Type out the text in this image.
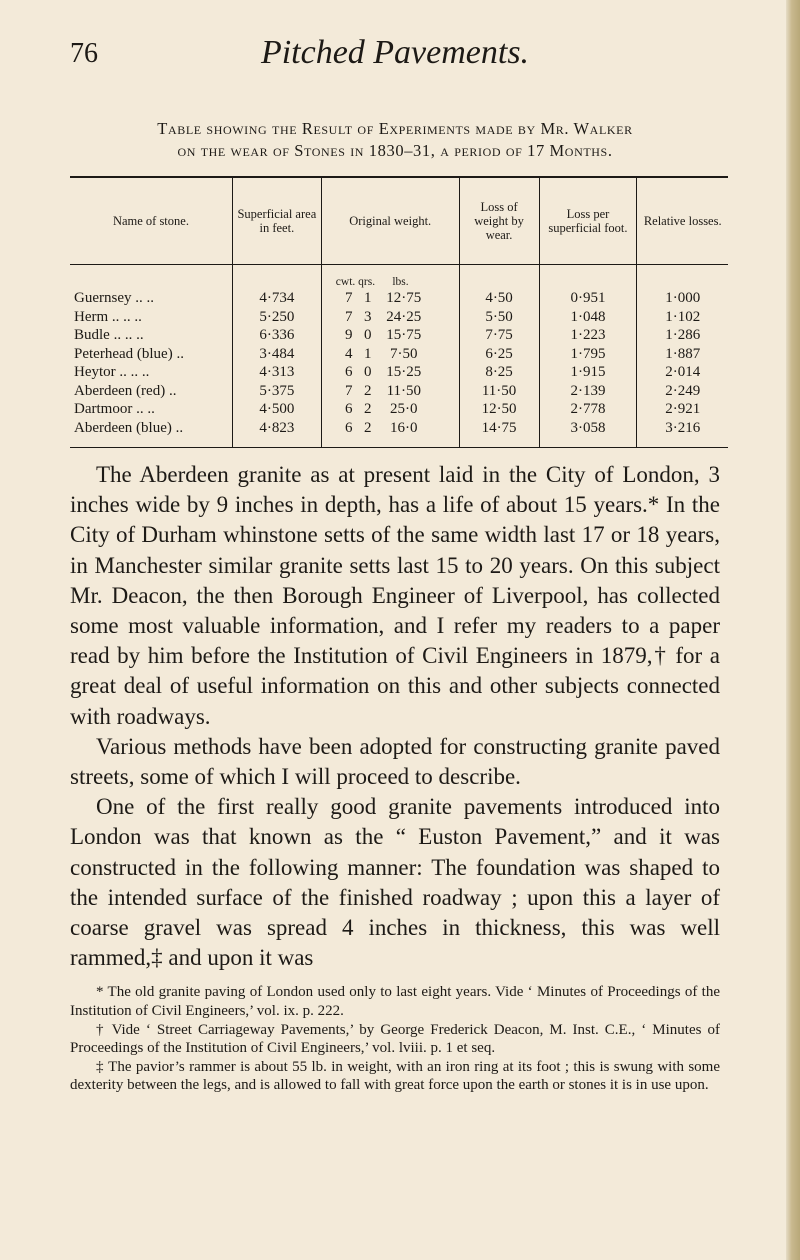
76	Pitched Pavements.
Table showing the Result of Experiments made by Mr. Walker
on the wear of Stones in 1830–31, a period of 17 Months.
Name of stone.	Superficial area in feet.	Original weight.	Loss of weight by wear.	Loss per superficial foot.	Relative losses.
		cwt. qrs. lbs.			
Guernsey .. ..	4·734	7 1 12·75	4·50	0·951	1·000
Herm .. .. ..	5·250	7 3 24·25	5·50	1·048	1·102
Budle .. .. ..	6·336	9 0 15·75	7·75	1·223	1·286
Peterhead (blue) ..	3·484	4 1 7·50	6·25	1·795	1·887
Heytor .. .. ..	4·313	6 0 15·25	8·25	1·915	2·014
Aberdeen (red) ..	5·375	7 2 11·50	11·50	2·139	2·249
Dartmoor .. ..	4·500	6 2 25·0	12·50	2·778	2·921
Aberdeen (blue) ..	4·823	6 2 16·0	14·75	3·058	3·216

The Aberdeen granite as at present laid in the City of London, 3 inches wide by 9 inches in depth, has a life of about 15 years.* In the City of Durham whinstone setts of the same width last 17 or 18 years, in Manchester similar granite setts last 15 to 20 years. On this subject Mr. Deacon, the then Borough Engineer of Liverpool, has collected some most valuable information, and I refer my readers to a paper read by him before the Institution of Civil Engineers in 1879,† for a great deal of useful information on this and other subjects connected with roadways.

Various methods have been adopted for constructing granite paved streets, some of which I will proceed to describe.

One of the first really good granite pavements introduced into London was that known as the “ Euston Pavement,” and it was constructed in the following manner: The foundation was shaped to the intended surface of the finished roadway ; upon this a layer of coarse gravel was spread 4 inches in thickness, this was well rammed,‡ and upon it was

* The old granite paving of London used only to last eight years. Vide ‘ Minutes of Proceedings of the Institution of Civil Engineers,’ vol. ix. p. 222.

† Vide ‘ Street Carriageway Pavements,’ by George Frederick Deacon, M. Inst. C.E., ‘ Minutes of Proceedings of the Institution of Civil Engineers,’ vol. lviii. p. 1 et seq.

‡ The pavior’s rammer is about 55 lb. in weight, with an iron ring at its foot ; this is swung with some dexterity between the legs, and is allowed to fall with great force upon the earth or stones it is in use upon.
